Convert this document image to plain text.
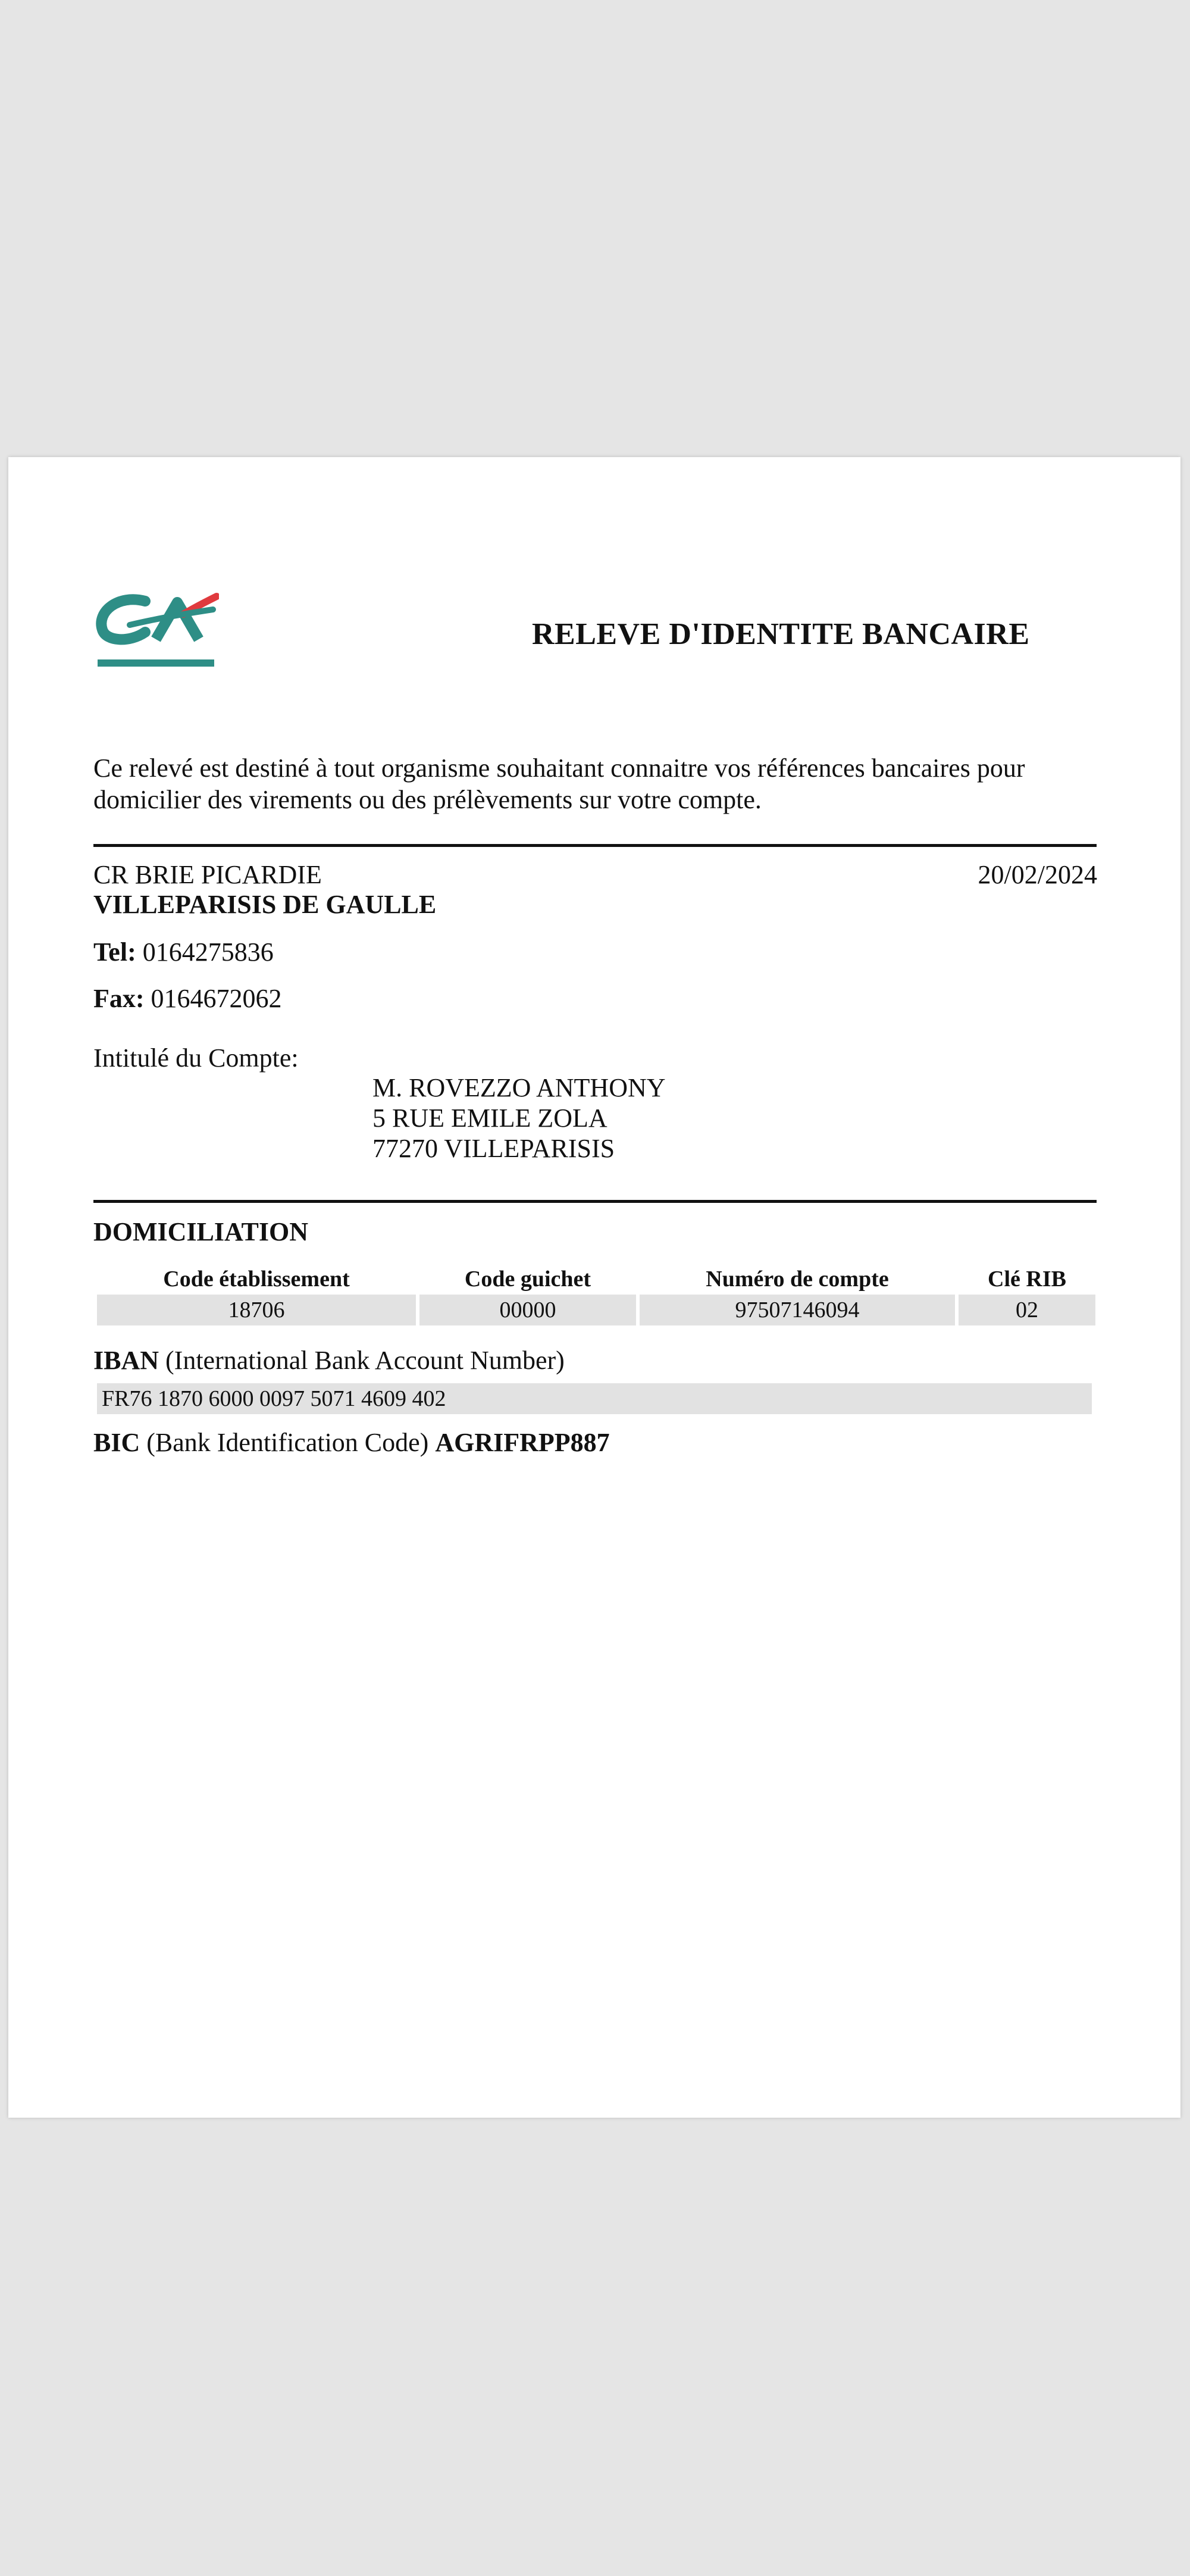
RELEVE D'IDENTITE BANCAIRE
Ce relevé est destiné à tout organisme souhaitant connaitre vos références bancaires pour domicilier des virements ou des prélèvements sur votre compte.
CR BRIE PICARDIE
VILLEPARISIS DE GAULLE
20/02/2024
Tel: 0164275836
Fax: 0164672062
Intitulé du Compte:
M. ROVEZZO ANTHONY
5 RUE EMILE ZOLA
77270 VILLEPARISIS
DOMICILIATION
Code établissement	Code guichet	Numéro de compte	Clé RIB
18706	00000	97507146094	02
IBAN (International Bank Account Number)
FR76 1870 6000 0097 5071 4609 402
BIC (Bank Identification Code) AGRIFRPP887
